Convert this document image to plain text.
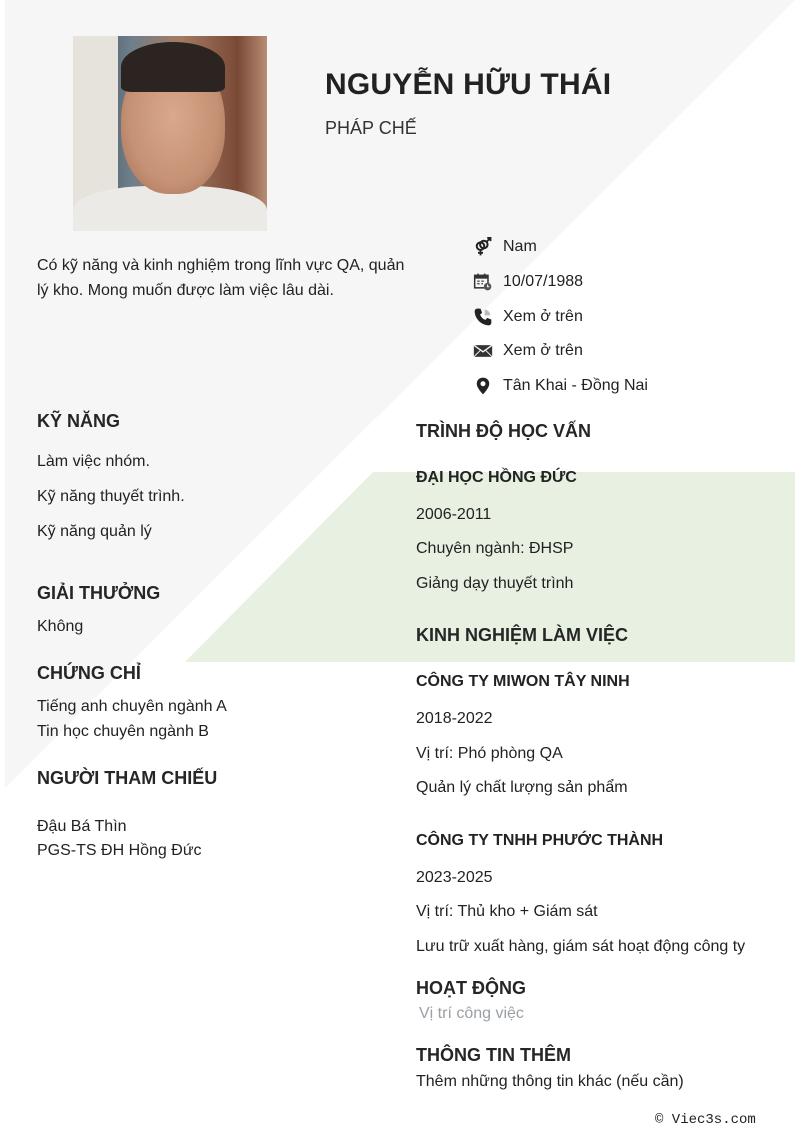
NGUYỄN HỮU THÁI
PHÁP CHẾ
Có kỹ năng và kinh nghiệm trong lĩnh vực QA, quản lý kho. Mong muốn được làm việc lâu dài.
Nam
10/07/1988
Xem ở trên
Xem ở trên
Tân Khai - Đồng Nai
KỸ NĂNG
Làm việc nhóm.
Kỹ năng thuyết trình.
Kỹ năng quản lý
GIẢI THƯỞNG
Không
CHỨNG CHỈ
Tiếng anh chuyên ngành A
Tin học chuyên ngành B
NGƯỜI THAM CHIẾU
Đậu Bá Thìn
PGS-TS ĐH Hồng Đức
TRÌNH ĐỘ HỌC VẤN
ĐẠI HỌC HỒNG ĐỨC
2006-2011
Chuyên ngành: ĐHSP
Giảng dạy thuyết trình
KINH NGHIỆM LÀM VIỆC
CÔNG TY MIWON TÂY NINH
2018-2022
Vị trí: Phó phòng QA
Quản lý chất lượng sản phẩm
CÔNG TY TNHH PHƯỚC THÀNH
2023-2025
Vị trí: Thủ kho + Giám sát
Lưu trữ xuất hàng, giám sát hoạt động công ty
HOẠT ĐỘNG
Vị trí công việc
THÔNG TIN THÊM
Thêm những thông tin khác (nếu cần)
© Viec3s.com
